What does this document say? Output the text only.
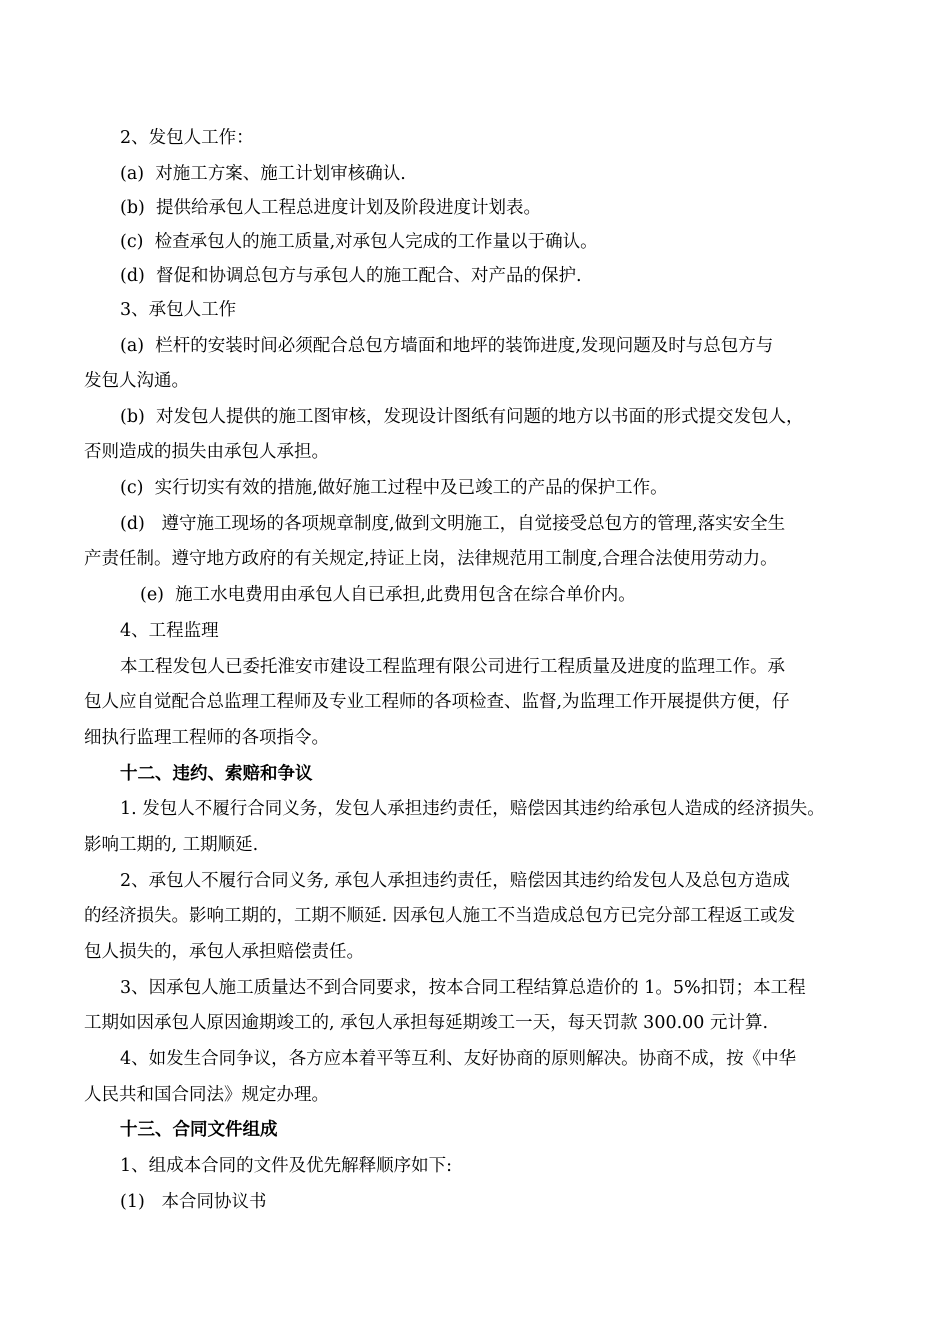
2、发包人工作：
(a)  对施工方案、施工计划审核确认.
(b)  提供给承包人工程总进度计划及阶段进度计划表。
(c)  检查承包人的施工质量,对承包人完成的工作量以于确认。
(d)  督促和协调总包方与承包人的施工配合、对产品的保护.
3、承包人工作
(a)  栏杆的安装时间必须配合总包方墙面和地坪的装饰进度,发现问题及时与总包方与
发包人沟通。
(b)  对发包人提供的施工图审核，发现设计图纸有问题的地方以书面的形式提交发包人，
否则造成的损失由承包人承担。
(c)  实行切实有效的措施,做好施工过程中及已竣工的产品的保护工作。
(d)   遵守施工现场的各项规章制度,做到文明施工，自觉接受总包方的管理,落实安全生
产责任制。遵守地方政府的有关规定,持证上岗，法律规范用工制度,合理合法使用劳动力。
(e)  施工水电费用由承包人自已承担,此费用包含在综合单价内。
4、工程监理
本工程发包人已委托淮安市建设工程监理有限公司进行工程质量及进度的监理工作。承
包人应自觉配合总监理工程师及专业工程师的各项检查、监督,为监理工作开展提供方便，仔
细执行监理工程师的各项指令。
十二、违约、索赔和争议
1. 发包人不履行合同义务，发包人承担违约责任，赔偿因其违约给承包人造成的经济损失。
影响工期的, 工期顺延.
2、承包人不履行合同义务, 承包人承担违约责任，赔偿因其违约给发包人及总包方造成
的经济损失。影响工期的，工期不顺延. 因承包人施工不当造成总包方已完分部工程返工或发
包人损失的，承包人承担赔偿责任。
3、因承包人施工质量达不到合同要求，按本合同工程结算总造价的 1。5%扣罚；本工程
工期如因承包人原因逾期竣工的, 承包人承担每延期竣工一天，每天罚款 300.00 元计算.
4、如发生合同争议，各方应本着平等互利、友好协商的原则解决。协商不成，按《中华
人民共和国合同法》规定办理。
十三、合同文件组成
1、组成本合同的文件及优先解释顺序如下:
(1)   本合同协议书
